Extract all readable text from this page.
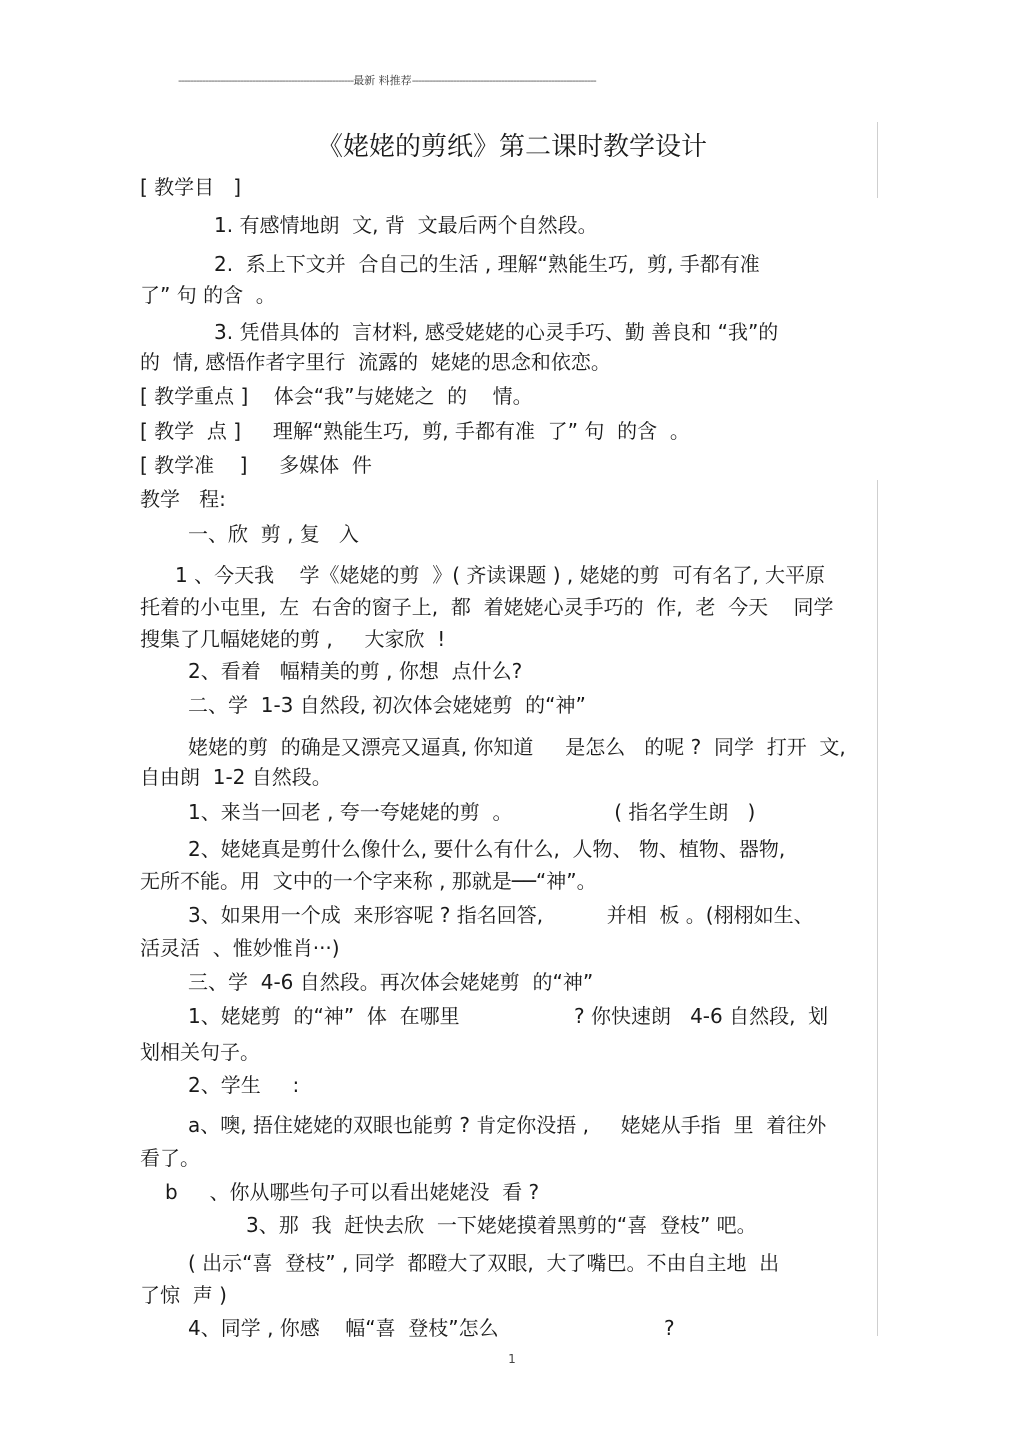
-----------------------------------------------------------最新 料推荐--------------------------------------------------------------
《姥姥的剪纸》第二课时教学设计
[ 教学目   ]
1. 有感情地朗  文, 背  文最后两个自然段。
2.  系上下文并  合自己的生活 , 理解“熟能生巧,  剪, 手都有准
了” 句 的含  。
3. 凭借具体的  言材料, 感受姥姥的心灵手巧、勤 善良和 “我”的
的  情, 感悟作者字里行  流露的  姥姥的思念和依恋。
[ 教学重点 ]    体会“我”与姥姥之  的    情。
[ 教学  点 ]     理解“熟能生巧,  剪, 手都有准  了” 句  的含  。
[ 教学准    ]     多媒体  件
教学   程:
一、欣  剪 , 复   入
1 、今天我    学《姥姥的剪  》( 齐读课题 ) , 姥姥的剪  可有名了, 大平原
托着的小屯里,  左  右舍的窗子上,  都  着姥姥心灵手巧的  作,  老  今天    同学
搜集了几幅姥姥的剪 ,     大家欣  !
2、看着   幅精美的剪 , 你想  点什么?
二、学  1-3 自然段, 初次体会姥姥剪  的“神”
姥姥的剪  的确是又漂亮又逼真, 你知道     是怎么   的呢 ?  同学  打开  文,
自由朗  1-2 自然段。
1、来当一回老 , 夸一夸姥姥的剪  。                ( 指名学生朗   )
2、姥姥真是剪什么像什么, 要什么有什么,  人物、 物、植物、器物,
无所不能。用  文中的一个字来称 , 那就是──“神”。
3、如果用一个成  来形容呢 ? 指名回答,          并相  板 。(栩栩如生、
活灵活  、惟妙惟肖···)
三、学  4-6 自然段。再次体会姥姥剪  的“神”
1、姥姥剪  的“神”  体  在哪里                  ? 你快速朗   4-6 自然段,  划
划相关句子。
2、学生     :
a、噢, 捂住姥姥的双眼也能剪 ? 肯定你没捂 ,     姥姥从手指  里  着往外
看了。
b     、你从哪些句子可以看出姥姥没  看 ?
3、那  我  赶快去欣  一下姥姥摸着黑剪的“喜  登枝” 吧。
( 出示“喜  登枝” , 同学  都瞪大了双眼,  大了嘴巴。不由自主地  出
了惊  声 )
4、同学 , 你感    幅“喜  登枝”怎么                          ?
1
